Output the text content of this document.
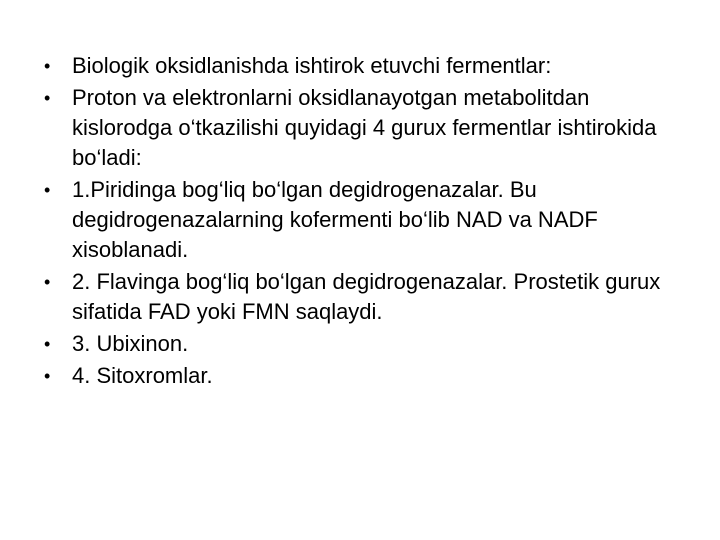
• Biologik oksidlanishda ishtirok etuvchi fermentlar:
• Proton va elektronlarni oksidlanayotgan metabolitdan kislorodga o‘tkazilishi quyidagi 4 gurux fermentlar ishtirokida bo‘ladi:
• 1.Piridinga bog‘liq bo‘lgan degidrogenazalar. Bu degidrogenazalarning kofermenti bo‘lib NAD va NADF xisoblanadi.
• 2. Flavinga bog‘liq bo‘lgan degidrogenazalar. Prostetik gurux sifatida FAD yoki FMN saqlaydi.
• 3. Ubixinon.
• 4. Sitoxromlar.
